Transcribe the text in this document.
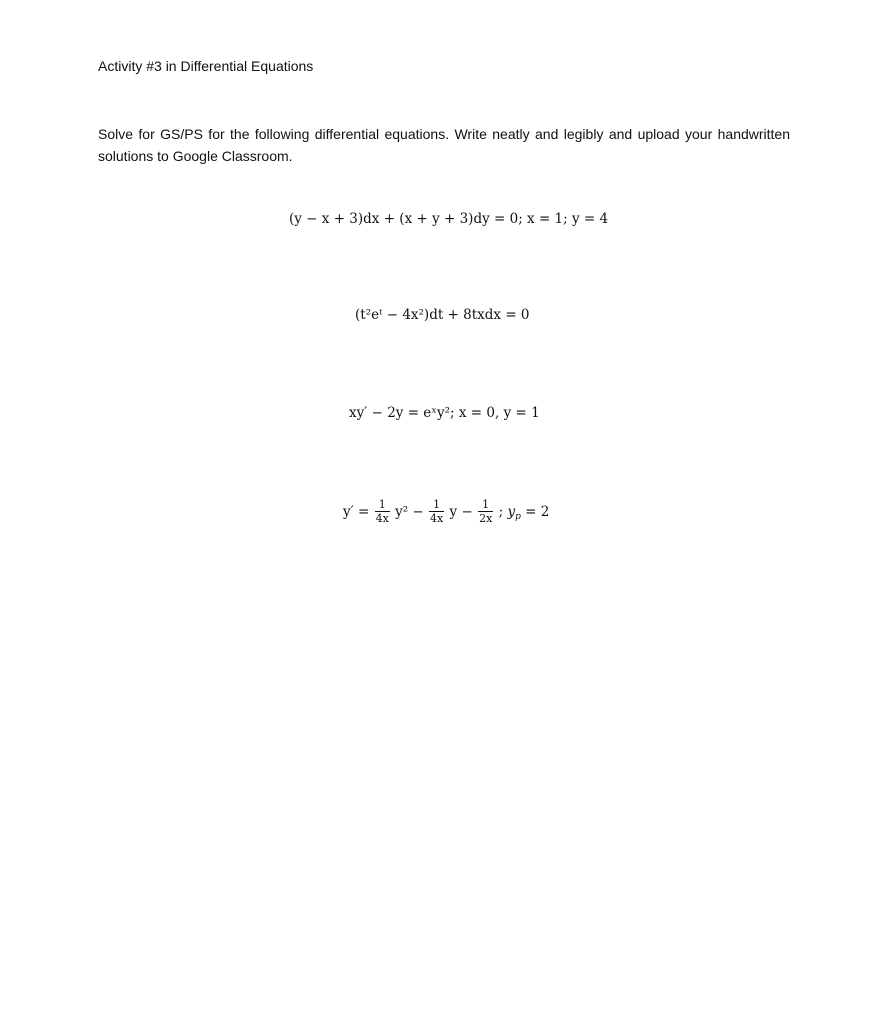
Activity #3 in Differential Equations
Solve for GS/PS for the following differential equations. Write neatly and legibly and upload your handwritten solutions to Google Classroom.
(y − x + 3)dx + (x + y + 3)dy = 0; x = 1; y = 4
(t²eᵗ − 4x²)dt + 8txdx = 0
xy′ − 2y = eˣy²; x = 0, y = 1
$y' = \frac{1}{4x} y^2 - \frac{1}{4x}$ $y - \frac{1}{2x}$ ; $y_p = 2$
